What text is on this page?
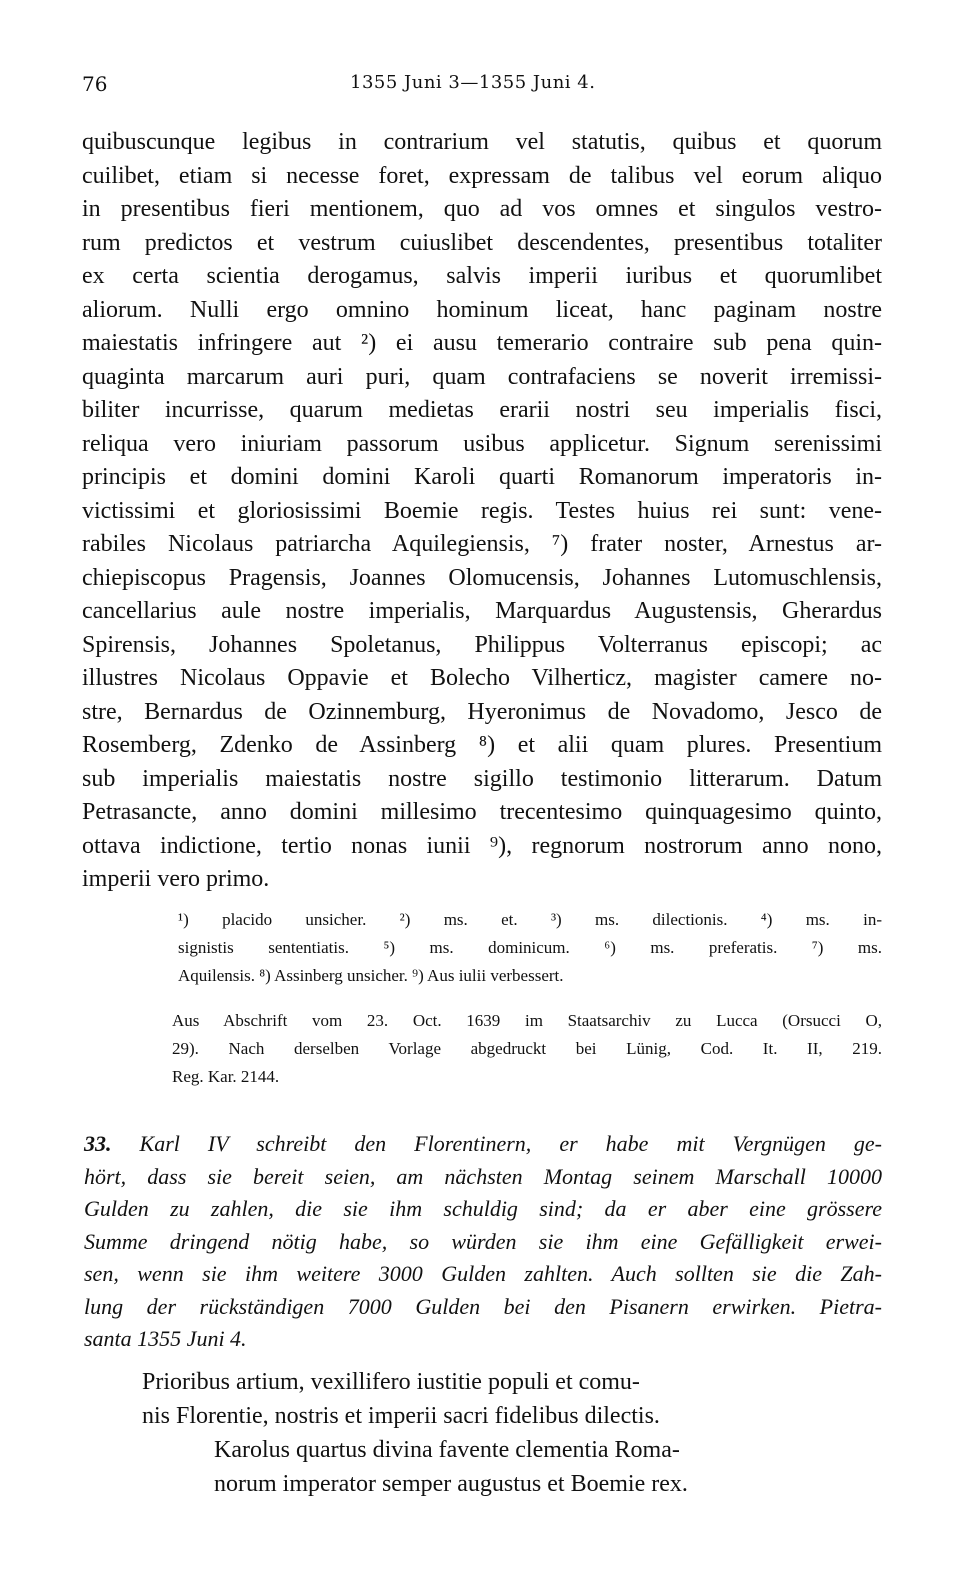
76	1355 Juni 3—1355 Juni 4.
quibuscunque legibus in contrarium vel statutis, quibus et quorum
cuilibet, etiam si necesse foret, expressam de talibus vel eorum aliquo
in presentibus fieri mentionem, quo ad vos omnes et singulos vestro-
rum predictos et vestrum cuiuslibet descendentes, presentibus totaliter
ex certa scientia derogamus, salvis imperii iuribus et quorumlibet
aliorum. Nulli ergo omnino hominum liceat, hanc paginam nostre
maiestatis infringere aut ²) ei ausu temerario contraire sub pena quin-
quaginta marcarum auri puri, quam contrafaciens se noverit irremissi-
biliter incurrisse, quarum medietas erarii nostri seu imperialis fisci,
reliqua vero iniuriam passorum usibus applicetur. Signum serenissimi
principis et domini domini Karoli quarti Romanorum imperatoris in-
victissimi et gloriosissimi Boemie regis. Testes huius rei sunt: vene-
rabiles Nicolaus patriarcha Aquilegiensis, ⁷) frater noster, Arnestus ar-
chiepiscopus Pragensis, Joannes Olomucensis, Johannes Lutomuschlensis,
cancellarius aule nostre imperialis, Marquardus Augustensis, Gherardus
Spirensis, Johannes Spoletanus, Philippus Volterranus episcopi; ac
illustres Nicolaus Oppavie et Bolecho Vilherticz, magister camere no-
stre, Bernardus de Ozinnemburg, Hyeronimus de Novadomo, Jesco de
Rosemberg, Zdenko de Assinberg ⁸) et alii quam plures. Presentium
sub imperialis maiestatis nostre sigillo testimonio litterarum. Datum
Petrasancte, anno domini millesimo trecentesimo quinquagesimo quinto,
ottava indictione, tertio nonas iunii ⁹), regnorum nostrorum anno nono,
imperii vero primo.
¹) placido unsicher. ²) ms. et. ³) ms. dilectionis. ⁴) ms. in-
signistis sententiatis. ⁵) ms. dominicum. ⁶) ms. preferatis. ⁷) ms.
Aquilensis. ⁸) Assinberg unsicher. ⁹) Aus iulii verbessert.
Aus Abschrift vom 23. Oct. 1639 im Staatsarchiv zu Lucca (Orsucci O,
29). Nach derselben Vorlage abgedruckt bei Lünig, Cod. It. II, 219.
Reg. Kar. 2144.
33. Karl IV schreibt den Florentinern, er habe mit Vergnügen ge-
hört, dass sie bereit seien, am nächsten Montag seinem Marschall 10000
Gulden zu zahlen, die sie ihm schuldig sind; da er aber eine grössere
Summe dringend nötig habe, so würden sie ihm eine Gefälligkeit erwei-
sen, wenn sie ihm weitere 3000 Gulden zahlten. Auch sollten sie die Zah-
lung der rückständigen 7000 Gulden bei den Pisanern erwirken. Pietra-
santa 1355 Juni 4.
Prioribus artium, vexillifero iustitie populi et comu-
nis Florentie, nostris et imperii sacri fidelibus dilectis.
Karolus quartus divina favente clementia Roma-
norum imperator semper augustus et Boemie rex.
